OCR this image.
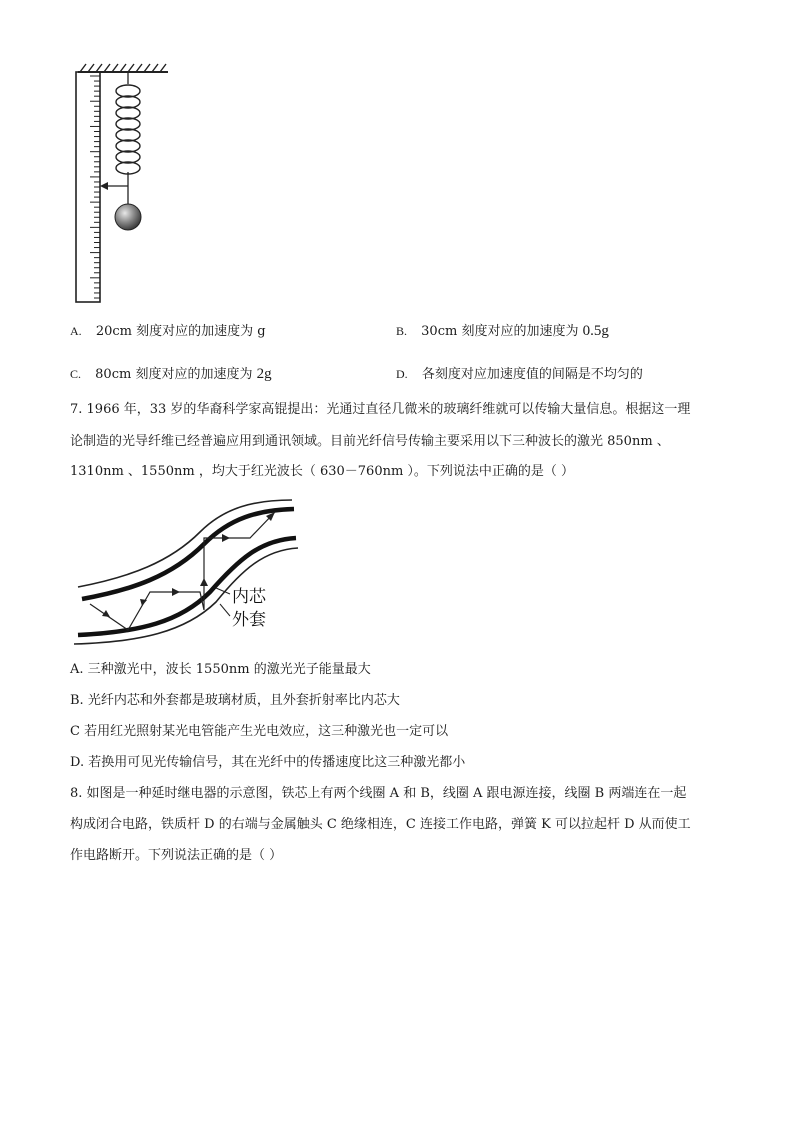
A. 20cm 刻度对应的加速度为 g	B. 30cm 刻度对应的加速度为 0.5g
C. 80cm 刻度对应的加速度为 2g	D. 各刻度对应加速度值的间隔是不均匀的
7. 1966 年，33 岁的华裔科学家高锟提出：光通过直径几微米的玻璃纤维就可以传输大量信息。根据这一理
论制造的光导纤维已经普遍应用到通讯领域。目前光纤信号传输主要采用以下三种波长的激光 850nm 、
1310nm 、1550nm ，均大于红光波长（ 630－760nm ）。下列说法中正确的是（ ）
内芯
外套
A. 三种激光中，波长 1550nm 的激光光子能量最大
B. 光纤内芯和外套都是玻璃材质，且外套折射率比内芯大
C 若用红光照射某光电管能产生光电效应，这三种激光也一定可以
D. 若换用可见光传输信号，其在光纤中的传播速度比这三种激光都小
8. 如图是一种延时继电器的示意图，铁芯上有两个线圈 A 和 B，线圈 A 跟电源连接，线圈 B 两端连在一起
构成闭合电路，铁质杆 D 的右端与金属触头 C 绝缘相连，C 连接工作电路，弹簧 K 可以拉起杆 D 从而使工
作电路断开。下列说法正确的是（ ）
